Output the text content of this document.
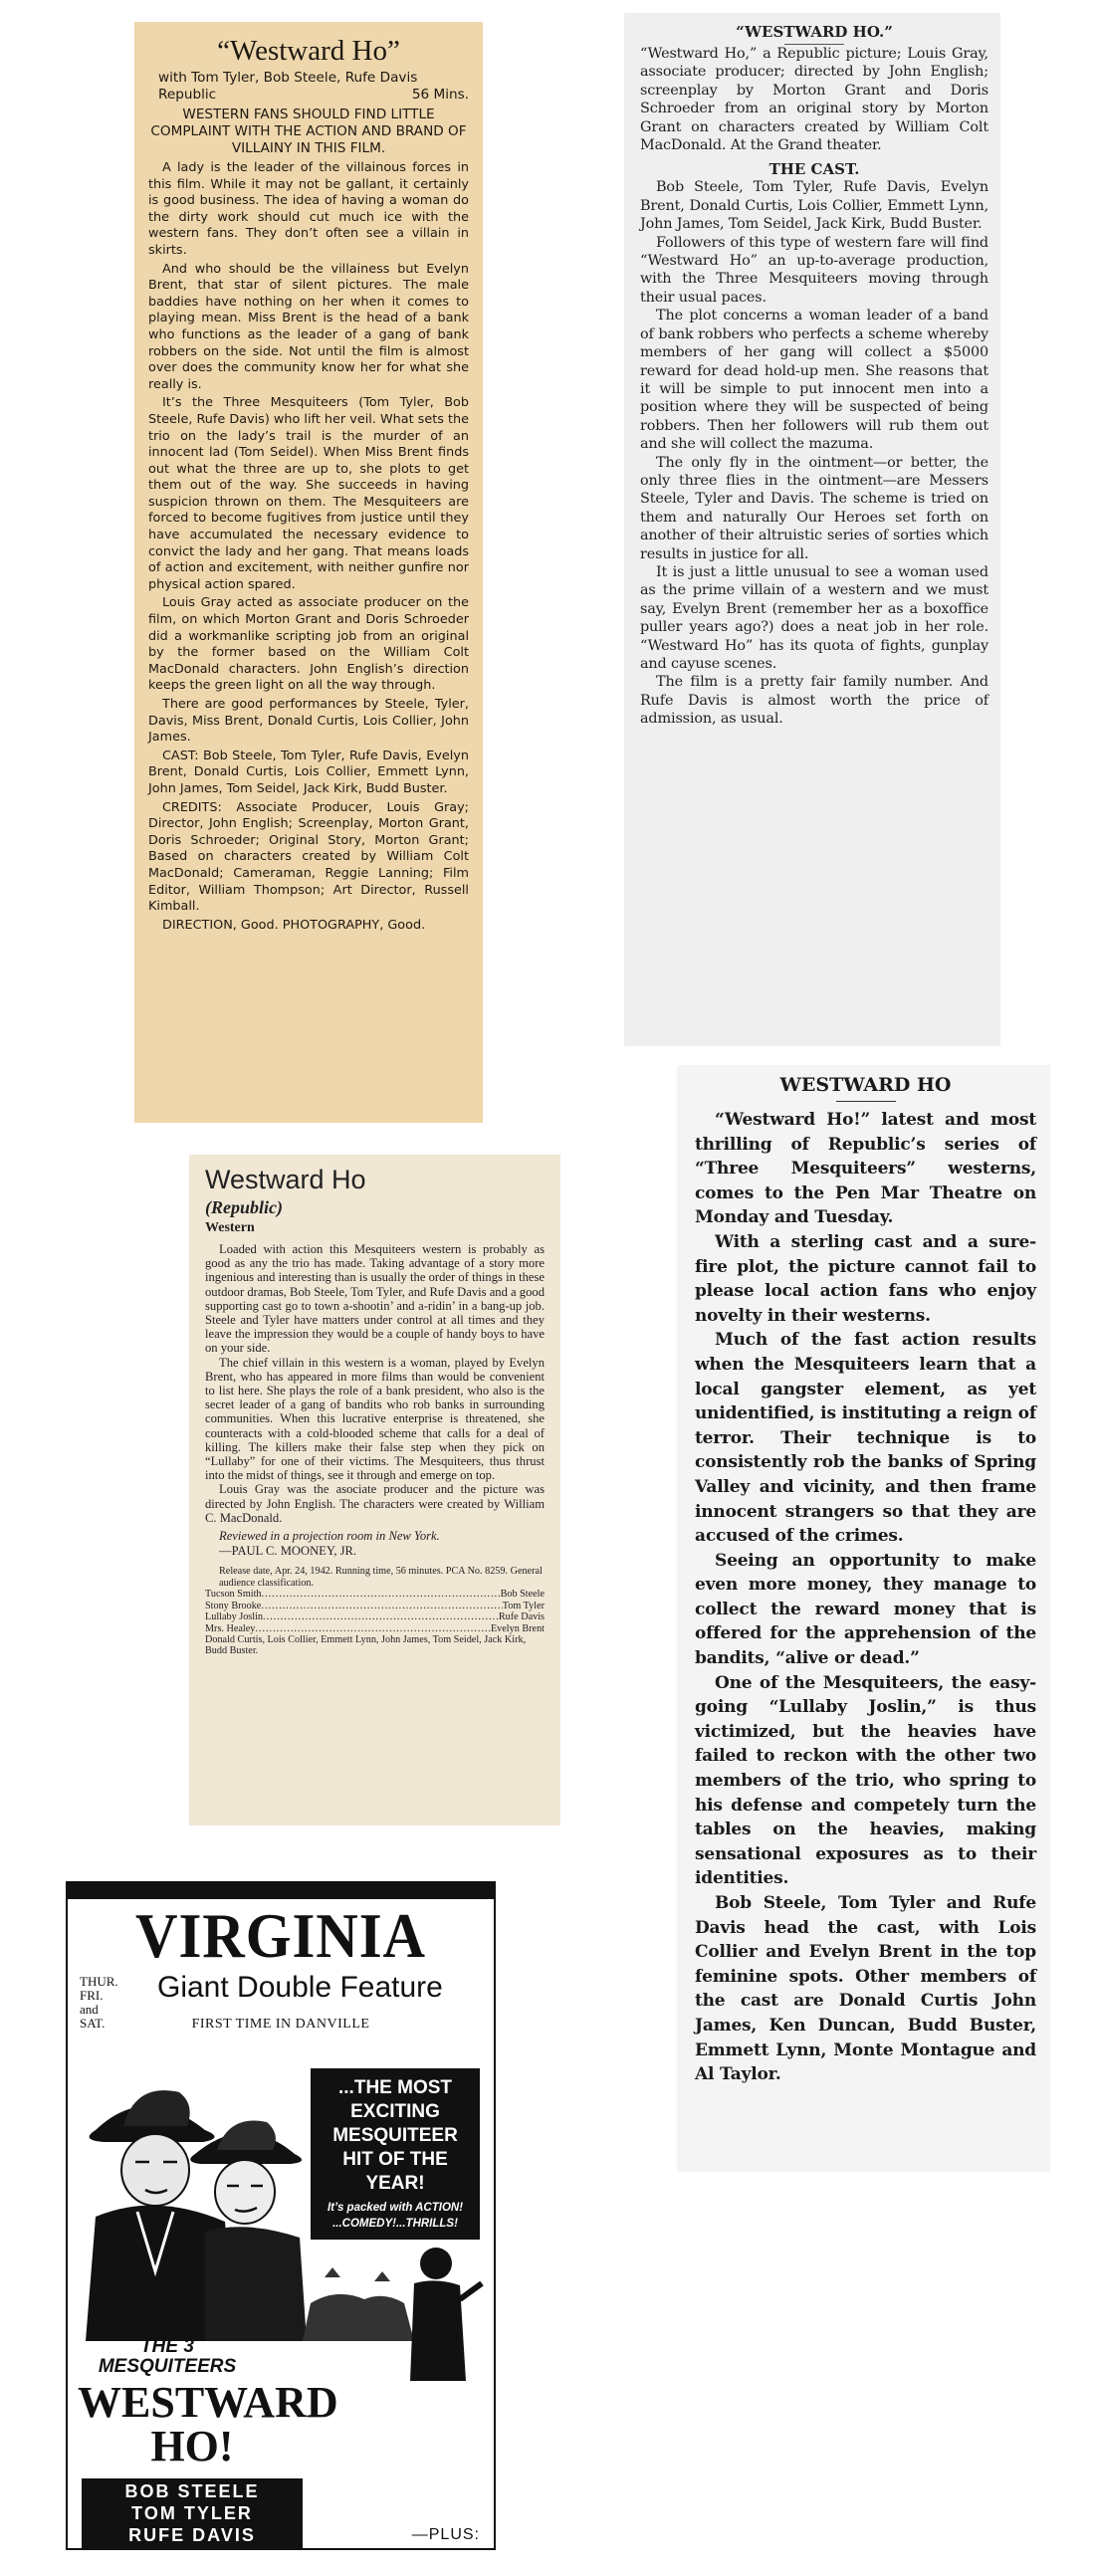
“Westward Ho”
with Tom Tyler, Bob Steele, Rufe Davis
Republic	56 Mins.
WESTERN FANS SHOULD FIND LITTLE COMPLAINT WITH THE ACTION AND BRAND OF VILLAINY IN THIS FILM.

A lady is the leader of the villainous forces in this film. While it may not be gallant, it certainly is good business. The idea of having a woman do the dirty work should cut much ice with the western fans. They don’t often see a villain in skirts.

And who should be the villainess but Evelyn Brent, that star of silent pictures. The male baddies have nothing on her when it comes to playing mean. Miss Brent is the head of a bank who functions as the leader of a gang of bank robbers on the side. Not until the film is almost over does the community know her for what she really is.

It’s the Three Mesquiteers (Tom Tyler, Bob Steele, Rufe Davis) who lift her veil. What sets the trio on the lady’s trail is the murder of an innocent lad (Tom Seidel). When Miss Brent finds out what the three are up to, she plots to get them out of the way. She succeeds in having suspicion thrown on them. The Mesquiteers are forced to become fugitives from justice until they have accumulated the necessary evidence to convict the lady and her gang. That means loads of action and excitement, with neither gunfire nor physical action spared.

Louis Gray acted as associate producer on the film, on which Morton Grant and Doris Schroeder did a workmanlike scripting job from an original by the former based on the William Colt MacDonald characters. John English’s direction keeps the green light on all the way through.

There are good performances by Steele, Tyler, Davis, Miss Brent, Donald Curtis, Lois Collier, John James.

CAST: Bob Steele, Tom Tyler, Rufe Davis, Evelyn Brent, Donald Curtis, Lois Collier, Emmett Lynn, John James, Tom Seidel, Jack Kirk, Budd Buster.

CREDITS: Associate Producer, Louis Gray; Director, John English; Screenplay, Morton Grant, Doris Schroeder; Original Story, Morton Grant; Based on characters created by William Colt MacDonald; Cameraman, Reggie Lanning; Film Editor, William Thompson; Art Director, Russell Kimball.

DIRECTION, Good. PHOTOGRAPHY, Good.

“WESTWARD HO.”

“Westward Ho,” a Republic picture; Louis Gray, associate producer; directed by John English; screenplay by Morton Grant and Doris Schroeder from an original story by Morton Grant on characters created by William Colt MacDonald. At the Grand theater.

THE CAST.

Bob Steele, Tom Tyler, Rufe Davis, Evelyn Brent, Donald Curtis, Lois Collier, Emmett Lynn, John James, Tom Seidel, Jack Kirk, Budd Buster.

Followers of this type of western fare will find “Westward Ho” an up-to-average production, with the Three Mesquiteers moving through their usual paces.

The plot concerns a woman leader of a band of bank robbers who perfects a scheme whereby members of her gang will collect a $5000 reward for dead hold-up men. She reasons that it will be simple to put innocent men into a position where they will be suspected of being robbers. Then her followers will rub them out and she will collect the mazuma.

The only fly in the ointment—or better, the only three flies in the ointment—are Messers Steele, Tyler and Davis. The scheme is tried on them and naturally Our Heroes set forth on another of their altruistic series of sorties which results in justice for all.

It is just a little unusual to see a woman used as the prime villain of a western and we must say, Evelyn Brent (remember her as a boxoffice puller years ago?) does a neat job in her role. “Westward Ho” has its quota of fights, gunplay and cayuse scenes.

The film is a pretty fair family number. And Rufe Davis is almost worth the price of admission, as usual.

Westward Ho
(Republic)
Western

Loaded with action this Mesquiteers western is probably as good as any the trio has made. Taking advantage of a story more ingenious and interesting than is usually the order of things in these outdoor dramas, Bob Steele, Tom Tyler, and Rufe Davis and a good supporting cast go to town a-shootin’ and a-ridin’ in a bang-up job. Steele and Tyler have matters under control at all times and they leave the impression they would be a couple of handy boys to have on your side.

The chief villain in this western is a woman, played by Evelyn Brent, who has appeared in more films than would be convenient to list here. She plays the role of a bank president, who also is the secret leader of a gang of bandits who rob banks in surrounding communities. When this lucrative enterprise is threatened, she counteracts with a cold-blooded scheme that calls for a deal of killing. The killers make their false step when they pick on “Lullaby” for one of their victims. The Mesquiteers, thus thrust into the midst of things, see it through and emerge on top.

Louis Gray was the asociate producer and the picture was directed by John English. The characters were created by William C. MacDonald.

Reviewed in a projection room in New York.
—PAUL C. MOONEY, JR.
Release date, Apr. 24, 1942. Running time, 56 minutes. PCA No. 8259. General audience classification.
Tucson Smith .....	Bob Steele
Stony Brooke .....	Tom Tyler
Lullaby Joslin .....	Rufe Davis
Mrs. Healey .....	Evelyn Brent
Donald Curtis, Lois Collier, Emmett Lynn, John James, Tom Seidel, Jack Kirk, Budd Buster.
WESTWARD HO

“Westward Ho!” latest and most thrilling of Republic’s series of “Three Mesquiteers” westerns, comes to the Pen Mar Theatre on Monday and Tuesday.

With a sterling cast and a sure-fire plot, the picture cannot fail to please local action fans who enjoy novelty in their westerns.

Much of the fast action results when the Mesquiteers learn that a local gangster element, as yet unidentified, is instituting a reign of terror. Their technique is to consistently rob the banks of Spring Valley and vicinity, and then frame innocent strangers so that they are accused of the crimes.

Seeing an opportunity to make even more money, they manage to collect the reward money that is offered for the apprehension of the bandits, “alive or dead.”

One of the Mesquiteers, the easy-going “Lullaby Joslin,” is thus victimized, but the heavies have failed to reckon with the other two members of the trio, who spring to his defense and competely turn the tables on the heavies, making sensational exposures as to their identities.

Bob Steele, Tom Tyler and Rufe Davis head the cast, with Lois Collier and Evelyn Brent in the top feminine spots. Other members of the cast are Donald Curtis John James, Ken Duncan, Budd Buster, Emmett Lynn, Monte Montague and Al Taylor.

VIRGINIA
THUR.
FRI.
and
SAT.
Giant Double Feature
FIRST TIME IN DANVILLE
...THE MOST EXCITING MESQUITEER HIT OF THE YEAR!
It’s packed with ACTION! ...COMEDY!...THRILLS!
THE 3 MESQUITEERS
WESTWARD HO!
BOB STEELE
TOM TYLER
RUFE DAVIS	—PLUS:
